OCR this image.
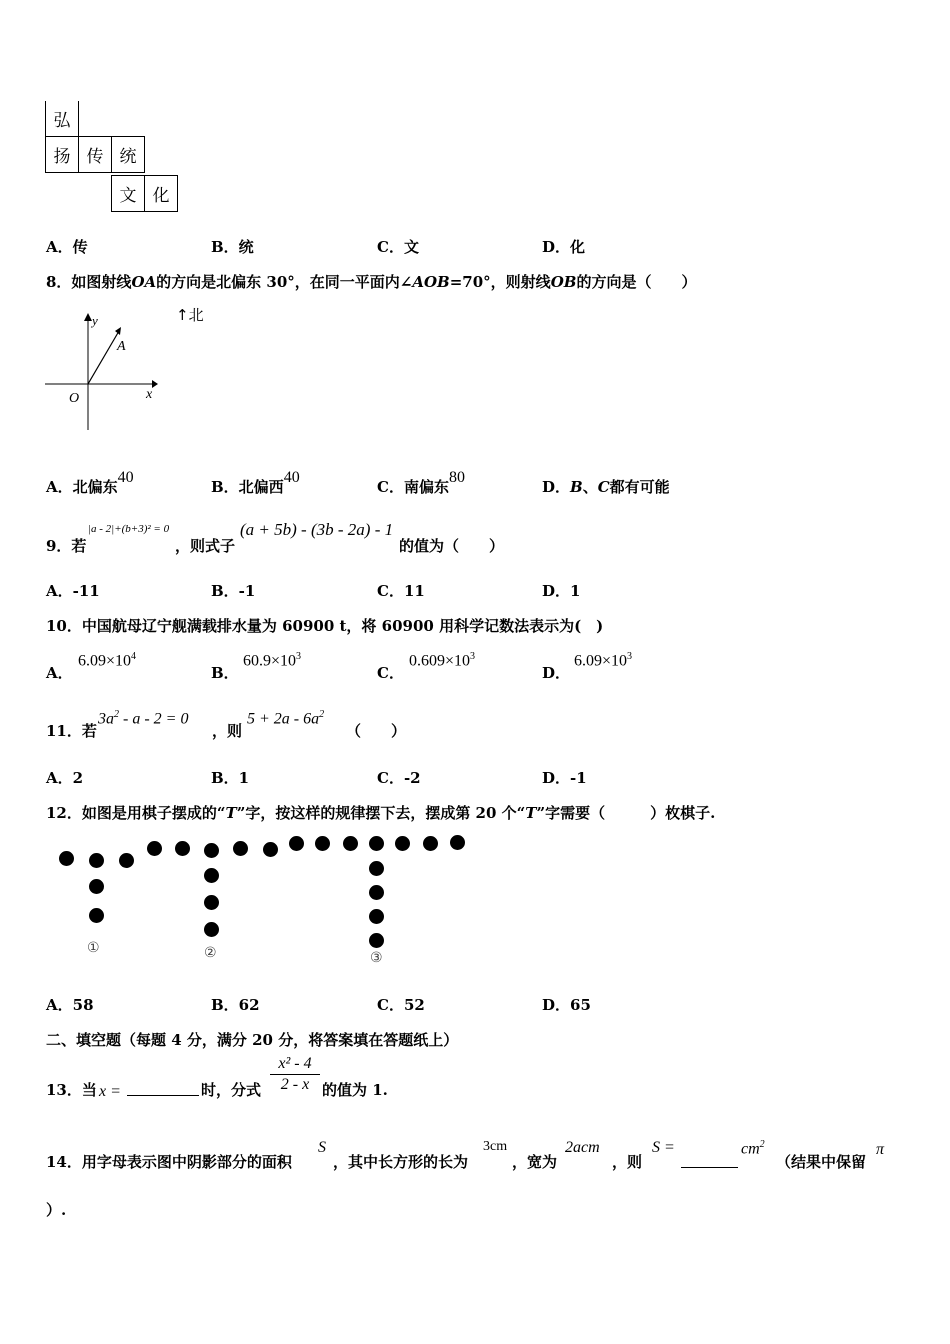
弘
扬 传 统
文 化
A．传	B．统	C．文	D．化
8．如图射线OA的方向是北偏东 30°，在同一平面内∠AOB=70°，则射线OB的方向是（　　）
y
A
O	x
↑北
A．北偏东40
B．北偏西40
C．南偏东80
D．B、C都有可能
9．若
|a - 2|+(b+3)² = 0
，则式子
(a + 5b) - (3b - 2a) - 1
的值为（　　）
A．-11	B．-1	C．11	D．1
10．中国航母辽宁舰满载排水量为 60900 t，将 60900 用科学记数法表示为(　)
A．
$6.09\times 10^4$
B．
$60.9\times 10^3$
C．
$0.609\times 10^3$
D．
$6.09\times 10^3$
11．若
$3a^2 - a - 2 = 0$
，则
$5 + 2a - 6a^2$
（　　）
A．2	B．1	C．-2	D．-1
12．如图是用棋子摆成的“T”字，按这样的规律摆下去，摆成第 20 个“T”字需要（　　　）枚棋子.
①	②	③
A．58	B．62	C．52	D．65
二、填空题（每题 4 分，满分 20 分，将答案填在答题纸上）
13．当 x =	时，分式 $\frac{\text{x² - 4}}{2 - x}$ 的值为 1.
14．用字母表示图中阴影部分的面积
S
，其中长方形的长为
3cm
，宽为
2acm
，则
S =	$cm^2$
（结果中保留
π
）.
